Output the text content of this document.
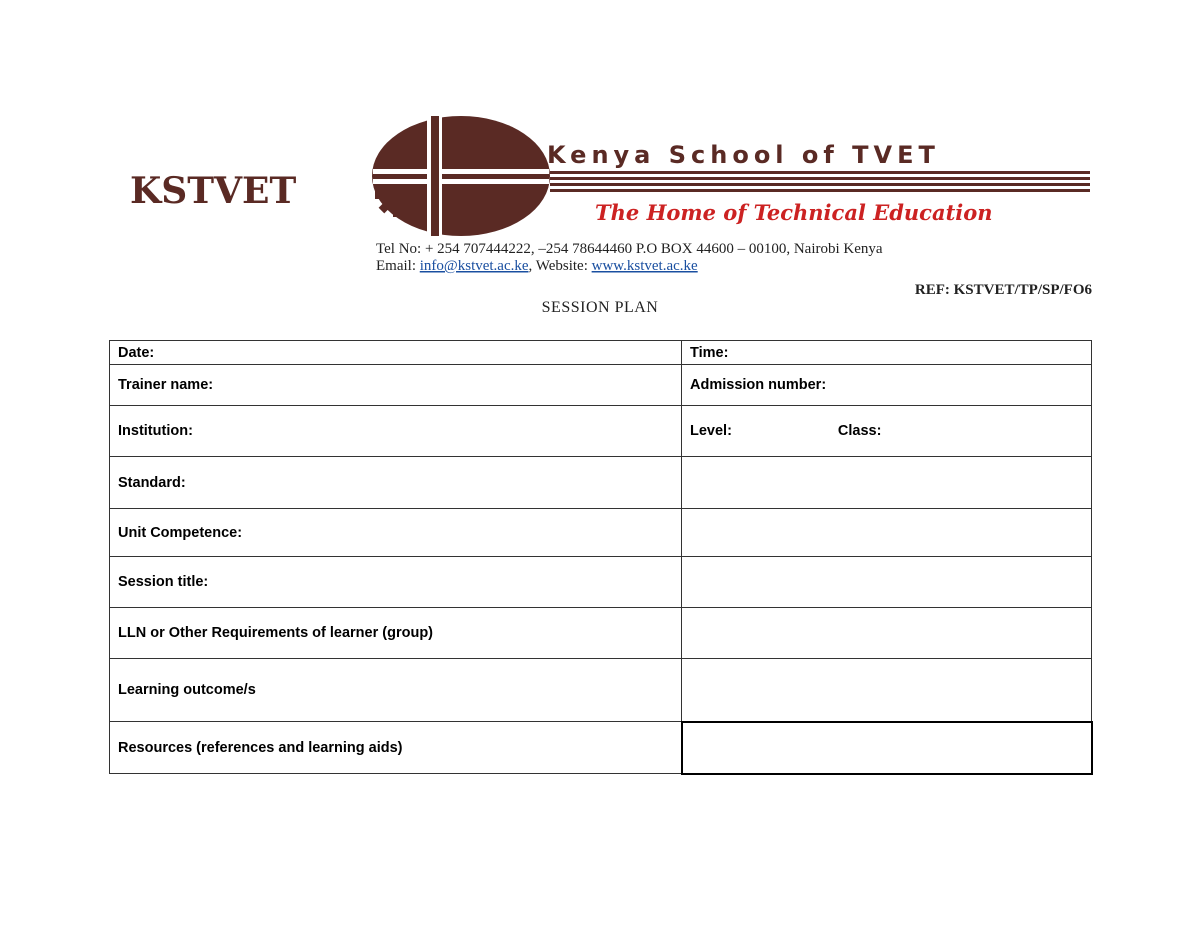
KSTVET
Kenya School of TVET
The Home of Technical Education
Tel No: + 254 707444222, –254 78644460 P.O BOX 44600 – 00100, Nairobi Kenya
Email: info@kstvet.ac.ke, Website: www.kstvet.ac.ke
REF: KSTVET/TP/SP/FO6
SESSION PLAN
Date:	Time:
Trainer name:	Admission number:
Institution:	Level: Class:
Standard:	
Unit Competence:	
Session title:	
LLN or Other Requirements of learner (group)	
Learning outcome/s	
Resources (references and learning aids)	
